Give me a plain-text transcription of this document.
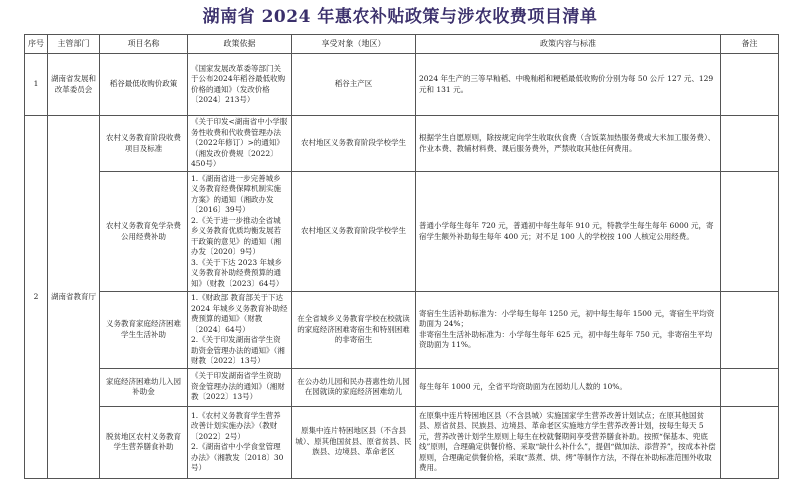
湖南省 2024 年惠农补贴政策与涉农收费项目清单
序号	主管部门	项目名称	政策依据	享受对象（地区）	政策内容与标准	备注
1	湖南省发展和改革委员会	稻谷最低收购价政策	《国家发展改革委等部门关于公布2024年稻谷最低收购价格的通知》（发改价格〔2024〕213号）	稻谷主产区	2024 年生产的三等早籼稻、中晚籼稻和粳稻最低收购价分别为每 50 公斤 127 元、129 元和 131 元。	

2	湖南省教育厅	农村义务教育阶段收费项目及标准	《关于印发<湖南省中小学服务性收费和代收费管理办法（2022年修订）>的通知》（湘发改价费规〔2022〕450号）	农村地区义务教育阶段学校学生	根据学生自愿原则，除按规定向学生收取伙食费（含饭菜加热服务费或大米加工服务费）、作业本费、教辅材料费、课后服务费外，严禁收取其他任何费用。	

		农村义务教育免学杂费公用经费补助	1.《湖南省进一步完善城乡义务教育经费保障机制实施方案》的通知（湘政办发〔2016〕39号）
2.《关于进一步推动全省城乡义务教育优质均衡发展若干政策的意见》的通知（湘办发〔2020〕9号）
3.《关于下达 2023 年城乡义务教育补助经费预算的通知》（财教〔2023〕64号）	农村地区义务教育阶段学校学生	普通小学每生每年 720 元，普通初中每生每年 910 元，特教学生每生每年 6000 元，寄宿学生额外补助每生每年 400 元；对不足 100 人的学校按 100 人核定公用经费。	

		义务教育家庭经济困难学生生活补助	1.《财政部 教育部关于下达 2024 年城乡义务教育补助经费预算的通知》（财教〔2024〕64号）
2.《关于印发湖南省学生资助资金管理办法的通知》（湘财教〔2022〕13号）	在全省城乡义务教育学校在校就读的家庭经济困难寄宿生和特别困难的非寄宿生	寄宿生生活补助标准为：小学每生每年 1250 元，初中每生每年 1500 元，寄宿生平均资助面为 24%；
非寄宿生生活补助标准为：小学每生每年 625 元，初中每生每年 750 元，非寄宿生平均资助面为 11%。	

		家庭经济困难幼儿入园补助金	《关于印发湖南省学生资助资金管理办法的通知》（湘财教〔2022〕13号）	在公办幼儿园和民办普惠性幼儿园在园就读的家庭经济困难幼儿	每生每年 1000 元，全省平均资助面为在园幼儿人数的 10%。	

		脱贫地区农村义务教育学生营养膳食补助	1.《农村义务教育学生营养改善计划实施办法》（教财〔2022〕2号）
2.《湖南省中小学食堂管理办法》（湘教发〔2018〕30号）	原集中连片特困地区县（不含县城）、原其他国贫县、原省贫县、民族县、边境县、革命老区	在原集中连片特困地区县（不含县城）实施国家学生营养改善计划试点；在原其他国贫县、原省贫县、民族县、边境县、革命老区实施地方学生营养改善计划，按每生每天 5 元，营养改善计划学生原则上每生在校就餐期间享受营养膳食补助。按照“保基本、兜底线”原则，合理确定供餐价格、采取“缺什么补什么”，提倡“做加法、添营养”，按成本补偿原则，合理确定供餐价格，采取“蒸煮、烘、烤”等制作方法，不得在补助标准范围外收取费用。	
